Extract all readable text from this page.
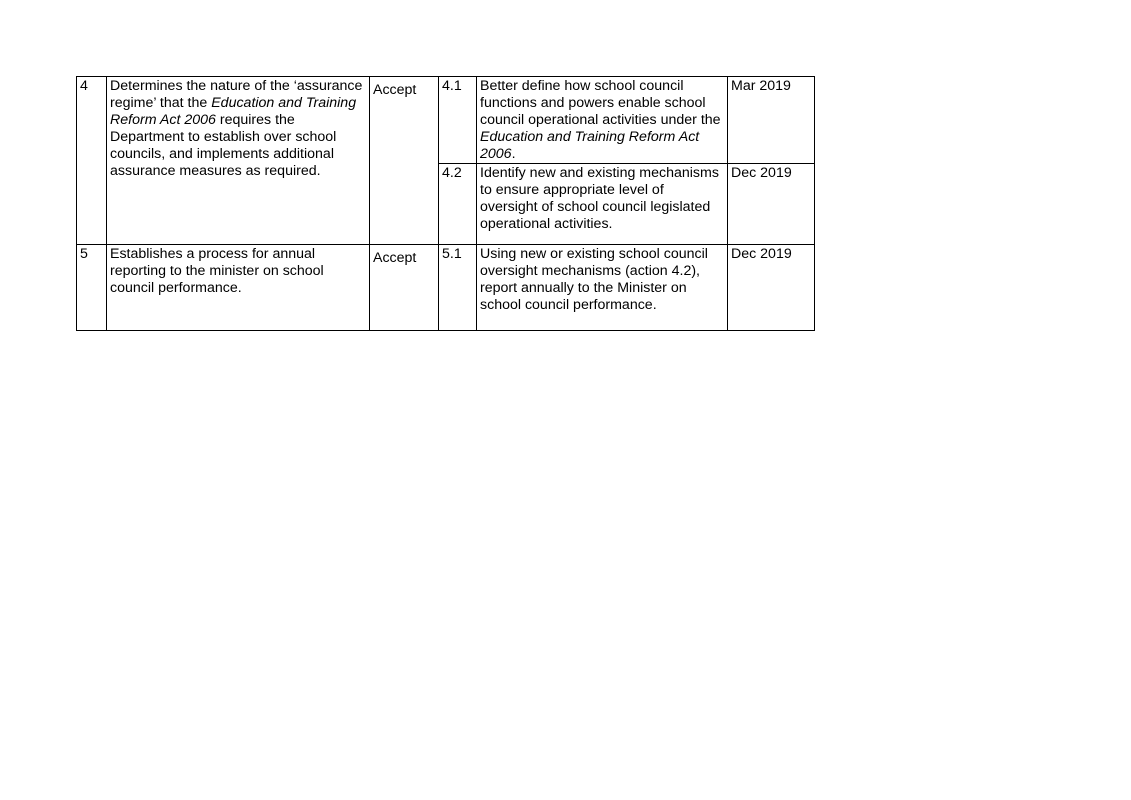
4	Determines the nature of the ‘assurance regime’ that the Education and Training Reform Act 2006 requires the Department to establish over school councils, and implements additional assurance measures as required.	Accept	4.1	Better define how school council functions and powers enable school council operational activities under the Education and Training Reform Act 2006.	Mar 2019
			4.2	Identify new and existing mechanisms to ensure appropriate level of oversight of school council legislated operational activities.	Dec 2019
5	Establishes a process for annual reporting to the minister on school council performance.	Accept	5.1	Using new or existing school council oversight mechanisms (action 4.2), report annually to the Minister on school council performance.	Dec 2019
